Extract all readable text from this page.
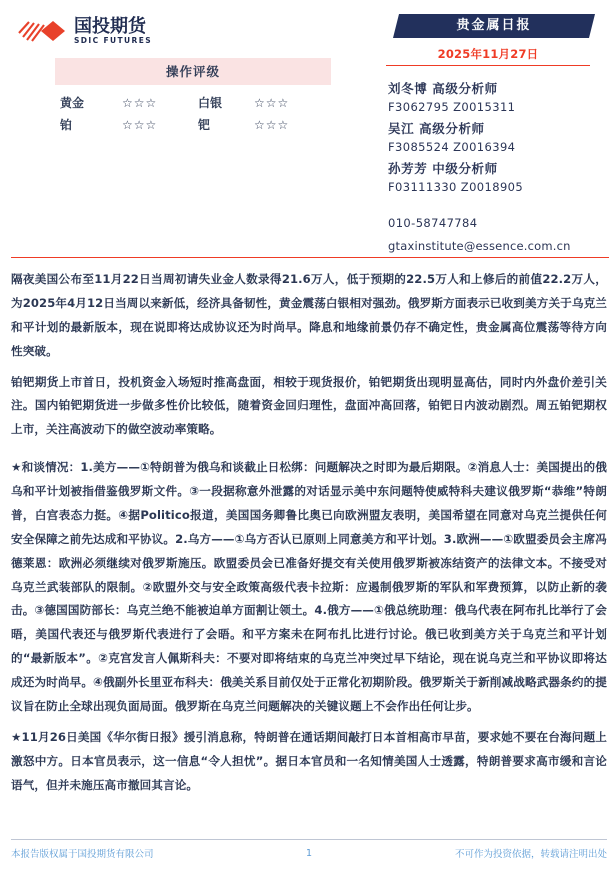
国投期货
SDIC FUTURES
操作评级
黄金	☆☆☆	白银	☆☆☆
铂	☆☆☆	钯	☆☆☆
贵金属日报
2025年11月27日
刘冬博 高级分析师
F3062795 Z0015311
吴江 高级分析师
F3085524 Z0016394
孙芳芳 中级分析师
F03111330 Z0018905
010-58747784
gtaxinstitute@essence.com.cn

隔夜美国公布至11月22日当周初请失业金人数录得21.6万人，低于预期的22.5万人和上修后的前值22.2万人，为2025年4月12日当周以来新低，经济具备韧性，黄金震荡白银相对强劲。俄罗斯方面表示已收到美方关于乌克兰和平计划的最新版本，现在说即将达成协议还为时尚早。降息和地缘前景仍存不确定性，贵金属高位震荡等待方向性突破。

铂钯期货上市首日，投机资金入场短时推高盘面，相较于现货报价，铂钯期货出现明显高估，同时内外盘价差引关注。国内铂钯期货进一步做多性价比较低，随着资金回归理性，盘面冲高回落，铂钯日内波动剧烈。周五铂钯期权上市，关注高波动下的做空波动率策略。

★和谈情况：1.美方——①特朗普为俄乌和谈截止日松绑：问题解决之时即为最后期限。②消息人士：美国提出的俄乌和平计划被指借鉴俄罗斯文件。③一段据称意外泄露的对话显示美中东问题特使威特科夫建议俄罗斯“恭维”特朗普，白宫表态力挺。④据Politico报道，美国国务卿鲁比奥已向欧洲盟友表明，美国希望在同意对乌克兰提供任何安全保障之前先达成和平协议。2.乌方——①乌方否认已原则上同意美方和平计划。3.欧洲——①欧盟委员会主席冯德莱恩：欧洲必须继续对俄罗斯施压。欧盟委员会已准备好提交有关使用俄罗斯被冻结资产的法律文本。不接受对乌克兰武装部队的限制。②欧盟外交与安全政策高级代表卡拉斯：应遏制俄罗斯的军队和军费预算，以防止新的袭击。③德国国防部长：乌克兰绝不能被迫单方面割让领土。4.俄方——①俄总统助理：俄乌代表在阿布扎比举行了会晤，美国代表还与俄罗斯代表进行了会晤。和平方案未在阿布扎比进行讨论。俄已收到美方关于乌克兰和平计划的“最新版本”。②克宫发言人佩斯科夫：不要对即将结束的乌克兰冲突过早下结论，现在说乌克兰和平协议即将达成还为时尚早。④俄副外长里亚布科夫：俄美关系目前仅处于正常化初期阶段。俄罗斯关于新削减战略武器条约的提议旨在防止全球出现负面局面。俄罗斯在乌克兰问题解决的关键议题上不会作出任何让步。

★11月26日美国《华尔街日报》援引消息称，特朗普在通话期间敲打日本首相高市早苗，要求她不要在台海问题上激怒中方。日本官员表示，这一信息“令人担忧”。据日本官员和一名知情美国人士透露，特朗普要求高市缓和言论语气，但并未施压高市撤回其言论。

本报告版权属于国投期货有限公司	1	不可作为投资依据，转载请注明出处
